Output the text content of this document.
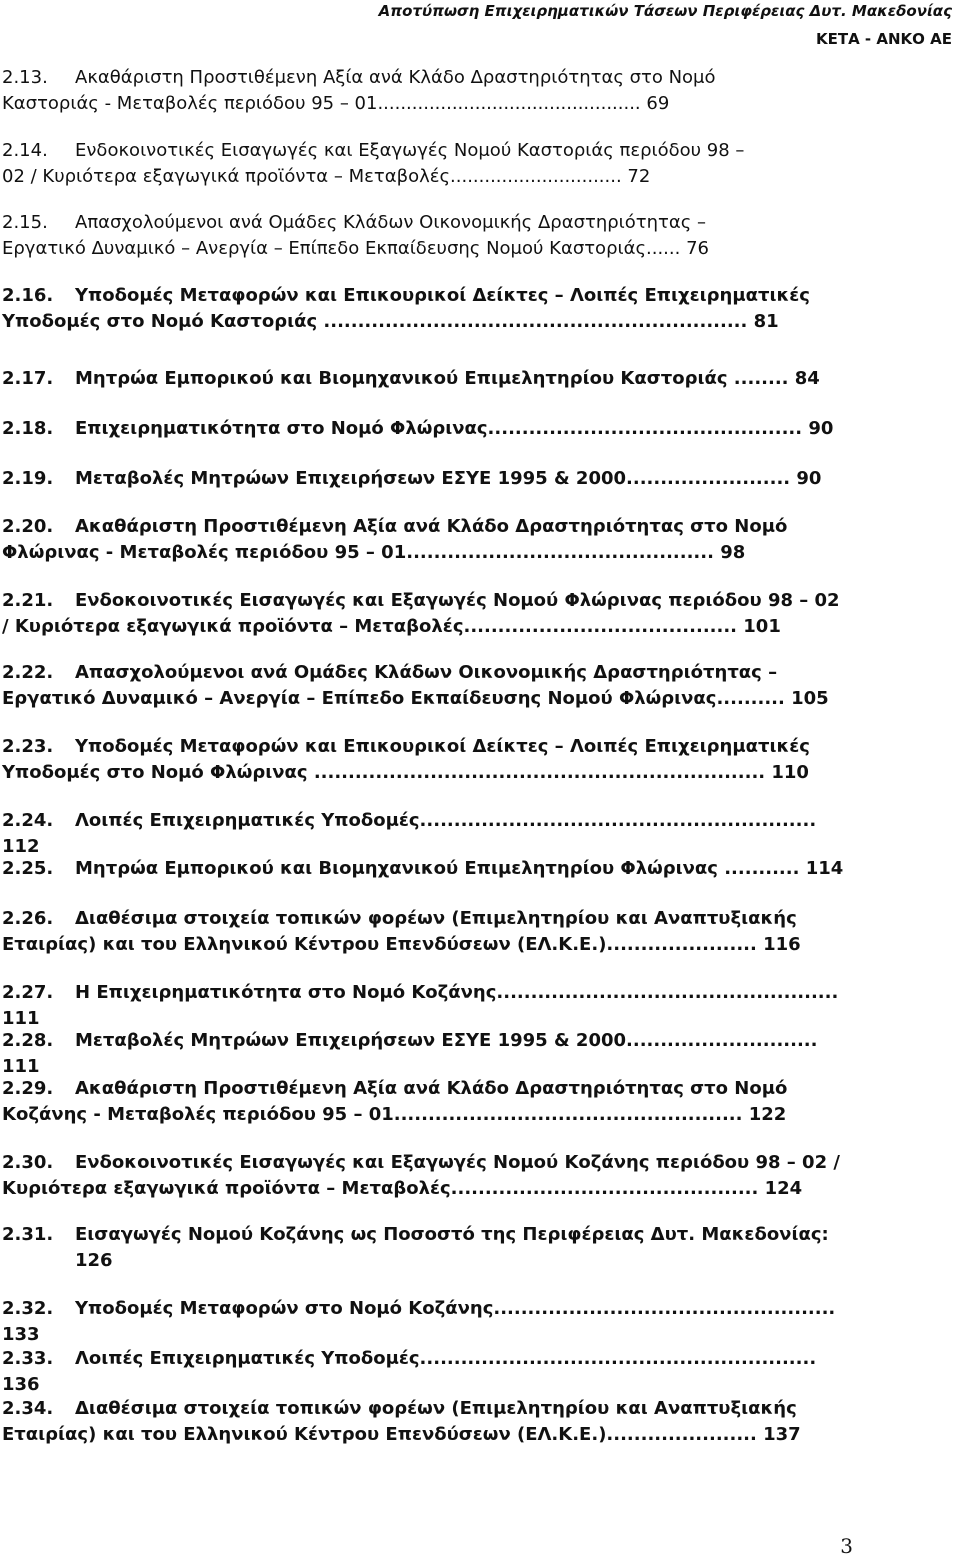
Αποτύπωση Επιχειρηματικών Τάσεων Περιφέρειας Δυτ. Μακεδονίας
ΚΕΤΑ - ΑΝΚΟ ΑΕ
2.13. Ακαθάριστη Προστιθέμενη Αξία ανά Κλάδο Δραστηριότητας στο Νομό
Καστοριάς - Μεταβολές περιόδου 95 – 01.............................................. 69
2.14. Ενδοκοινοτικές Εισαγωγές και Εξαγωγές Νομού Καστοριάς περιόδου 98 –
02 / Κυριότερα εξαγωγικά προϊόντα – Μεταβολές.............................. 72
2.15. Απασχολούμενοι ανά Ομάδες Κλάδων Οικονομικής Δραστηριότητας –
Εργατικό Δυναμικό – Ανεργία – Επίπεδο Εκπαίδευσης Νομού Καστοριάς...... 76
2.16. Υποδομές Μεταφορών και Επικουρικοί Δείκτες – Λοιπές Επιχειρηματικές
Υποδομές στο Νομό Καστοριάς .............................................................. 81
2.17. Μητρώα Εμπορικού και Βιομηχανικού Επιμελητηρίου Καστοριάς ........ 84
2.18. Επιχειρηματικότητα στο Νομό Φλώρινας.............................................. 90
2.19. Μεταβολές Μητρώων Επιχειρήσεων ΕΣΥΕ 1995 & 2000........................ 90
2.20. Ακαθάριστη Προστιθέμενη Αξία ανά Κλάδο Δραστηριότητας στο Νομό
Φλώρινας - Μεταβολές περιόδου 95 – 01............................................. 98
2.21. Ενδοκοινοτικές Εισαγωγές και Εξαγωγές Νομού Φλώρινας περιόδου 98 – 02
/ Κυριότερα εξαγωγικά προϊόντα – Μεταβολές........................................ 101
2.22. Απασχολούμενοι ανά Ομάδες Κλάδων Οικονομικής Δραστηριότητας –
Εργατικό Δυναμικό – Ανεργία – Επίπεδο Εκπαίδευσης Νομού Φλώρινας.......... 105
2.23. Υποδομές Μεταφορών και Επικουρικοί Δείκτες – Λοιπές Επιχειρηματικές
Υποδομές στο Νομό Φλώρινας .................................................................. 110
2.24. Λοιπές Επιχειρηματικές Υποδομές.......................................................... 112
2.25. Μητρώα Εμπορικού και Βιομηχανικού Επιμελητηρίου Φλώρινας ........... 114
2.26. Διαθέσιμα στοιχεία τοπικών φορέων (Επιμελητηρίου και Αναπτυξιακής
Εταιρίας) και του Ελληνικού Κέντρου Επενδύσεων (ΕΛ.Κ.Ε.)...................... 116
2.27. Η Επιχειρηματικότητα στο Νομό Κοζάνης.................................................. 111
2.28. Μεταβολές Μητρώων Επιχειρήσεων ΕΣΥΕ 1995 & 2000............................ 111
2.29. Ακαθάριστη Προστιθέμενη Αξία ανά Κλάδο Δραστηριότητας στο Νομό
Κοζάνης - Μεταβολές περιόδου 95 – 01................................................... 122
2.30. Ενδοκοινοτικές Εισαγωγές και Εξαγωγές Νομού Κοζάνης περιόδου 98 – 02 /
Κυριότερα εξαγωγικά προϊόντα – Μεταβολές............................................. 124
2.31. Εισαγωγές Νομού Κοζάνης ως Ποσοστό της Περιφέρειας Δυτ. Μακεδονίας:
126
2.32. Υποδομές Μεταφορών στο Νομό Κοζάνης.................................................. 133
2.33. Λοιπές Επιχειρηματικές Υποδομές.......................................................... 136
2.34. Διαθέσιμα στοιχεία τοπικών φορέων (Επιμελητηρίου και Αναπτυξιακής
Εταιρίας) και του Ελληνικού Κέντρου Επενδύσεων (ΕΛ.Κ.Ε.)...................... 137
3
